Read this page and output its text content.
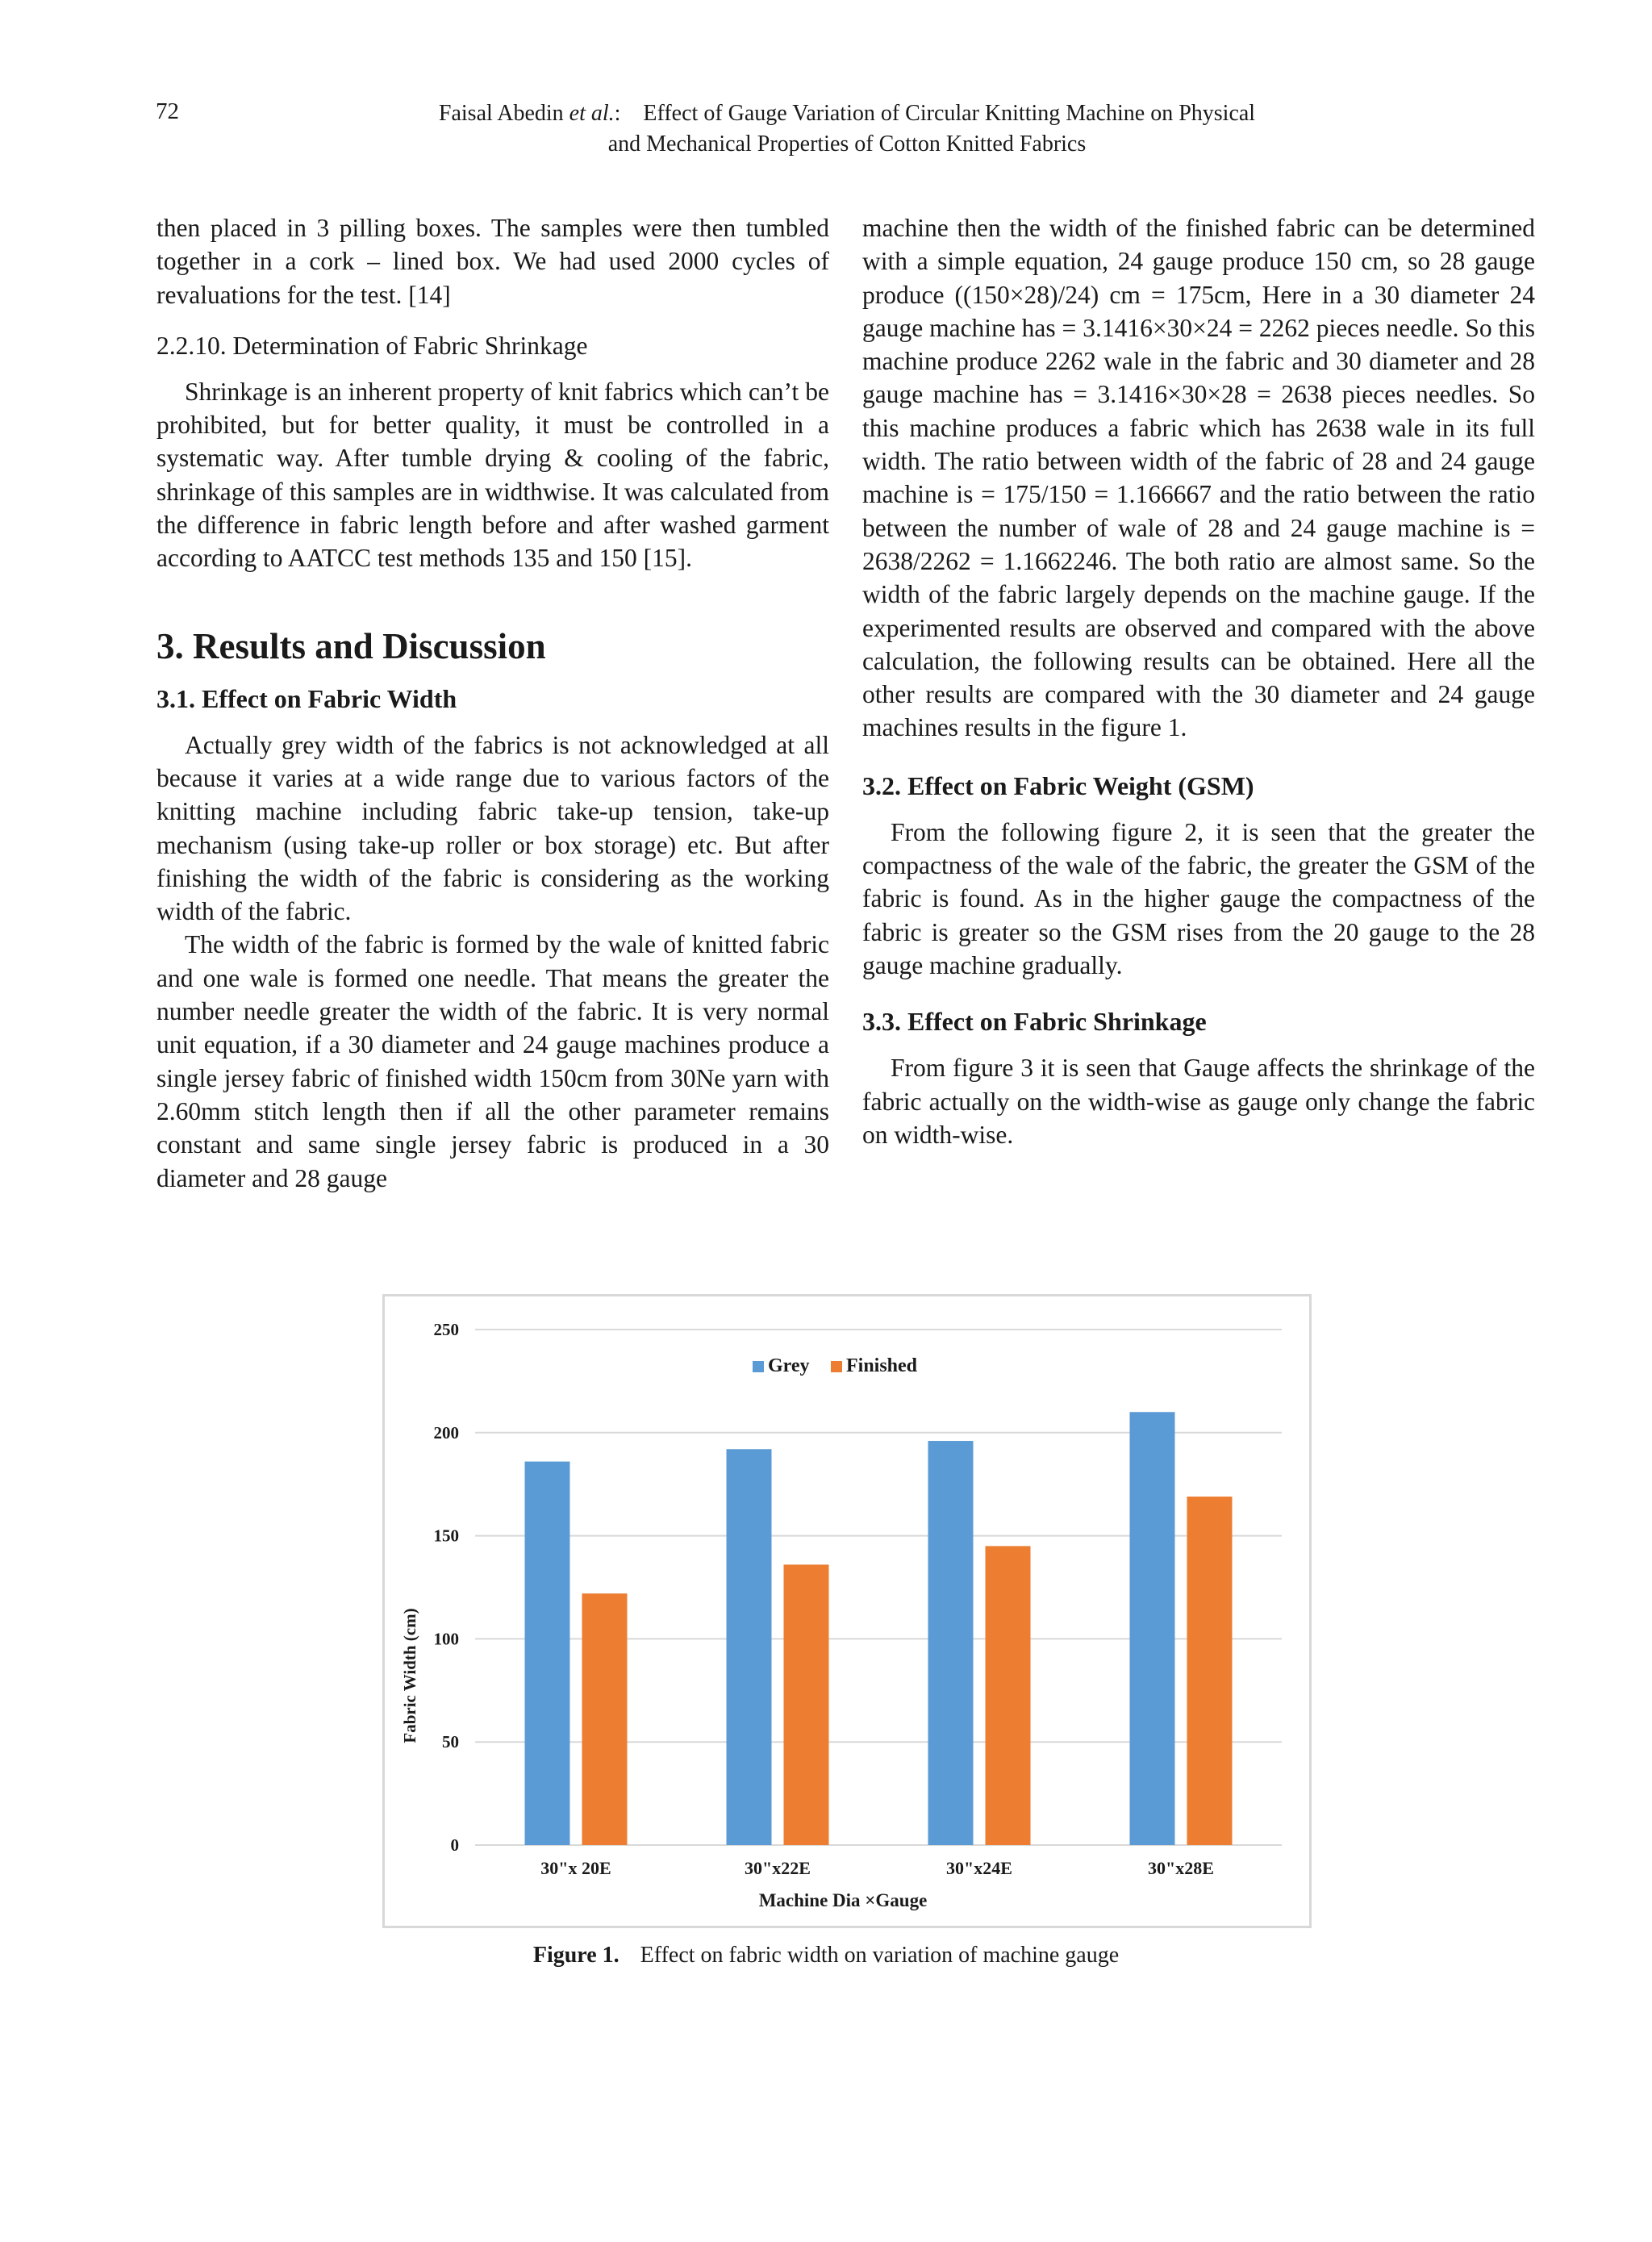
72	Faisal Abedin et al.:    Effect of Gauge Variation of Circular Knitting Machine on Physical
and Mechanical Properties of Cotton Knitted Fabrics

then placed in 3 pilling boxes. The samples were then tumbled together in a cork – lined box. We had used 2000 cycles of revaluations for the test. [14]

2.2.10. Determination of Fabric Shrinkage

Shrinkage is an inherent property of knit fabrics which can’t be prohibited, but for better quality, it must be controlled in a systematic way. After tumble drying & cooling of the fabric, shrinkage of this samples are in widthwise. It was calculated from the difference in fabric length before and after washed garment according to AATCC test methods 135 and 150 [15].

3. Results and Discussion
3.1. Effect on Fabric Width

Actually grey width of the fabrics is not acknowledged at all because it varies at a wide range due to various factors of the knitting machine including fabric take-up tension, take-up mechanism (using take-up roller or box storage) etc. But after finishing the width of the fabric is considering as the working width of the fabric.

The width of the fabric is formed by the wale of knitted fabric and one wale is formed one needle. That means the greater the number needle greater the width of the fabric. It is very normal unit equation, if a 30 diameter and 24 gauge machines produce a single jersey fabric of finished width 150cm from 30Ne yarn with 2.60mm stitch length then if all the other parameter remains constant and same single jersey fabric is produced in a 30 diameter and 28 gauge

machine then the width of the finished fabric can be determined with a simple equation, 24 gauge produce 150 cm, so 28 gauge produce ((150×28)/24) cm = 175cm, Here in a 30 diameter 24 gauge machine has = 3.1416×30×24 = 2262 pieces needle. So this machine produce 2262 wale in the fabric and 30 diameter and 28 gauge machine has = 3.1416×30×28 = 2638 pieces needles. So this machine produces a fabric which has 2638 wale in its full width. The ratio between width of the fabric of 28 and 24 gauge machine is = 175/150 = 1.166667 and the ratio between the ratio between the number of wale of 28 and 24 gauge machine is = 2638/2262 = 1.1662246. The both ratio are almost same. So the width of the fabric largely depends on the machine gauge. If the experimented results are observed and compared with the above calculation, the following results can be obtained. Here all the other results are compared with the 30 diameter and 24 gauge machines results in the figure 1.

3.2. Effect on Fabric Weight (GSM)

From the following figure 2, it is seen that the greater the compactness of the wale of the fabric, the greater the GSM of the fabric is found. As in the higher gauge the compactness of the fabric is greater so the GSM rises from the 20 gauge to the 28 gauge machine gradually.

3.3. Effect on Fabric Shrinkage

From figure 3 it is seen that Gauge affects the shrinkage of the fabric actually on the width-wise as gauge only change the fabric on width-wise.

0
50
100
150
200
250
30"x 20E	30"x22E	30"x24E	30"x28E
Grey Finished
Fabric Width (cm)
Machine Dia ×Gauge
Figure 1. Effect on fabric width on variation of machine gauge
